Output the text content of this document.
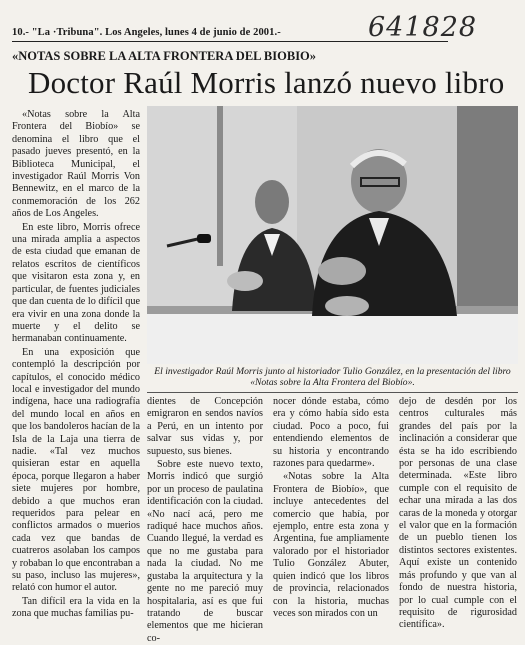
10.- "La ·Tribuna". Los Angeles, lunes 4 de junio de 2001.-	641828
«NOTAS SOBRE LA ALTA FRONTERA DEL BIOBIO»
Doctor Raúl Morris lanzó nuevo libro

«Notas sobre la Alta Frontera del Biobío» se denomina el libro que el pasado jueves presentó, en la Biblioteca Municipal, el investigador Raúl Morris Von Bennewitz, en el marco de la conmemoración de los 262 años de Los Angeles.

En este libro, Morris ofrece una mirada amplia a aspectos de esta ciudad que emanan de relatos escritos de científicos que visitaron esta zona y, en particular, de fuentes judiciales que dan cuenta de lo difícil que era vivir en una zona donde la muerte y el delito se hermanaban continuamente.

En una exposición que contempló la descripción por capítulos, el conocido médico local e investigador del mundo indígena, hace una radiografía del mundo local en años en que los bandoleros hacían de la Isla de la Laja una tierra de nadie. «Tal vez muchos quisieran estar en aquella época, porque llegaron a haber siete mujeres por hombre, debido a que muchos eran requeridos para pelear en conflictos armados o muerios cada vez que bandas de cuatreros asolaban los campos y robaban lo que encontraban a su paso, incluso las mujeres», relató con humor el autor.

Tan difícil era la vida en la zona que muchas familias pu-

El investigador Raúl Morris junto al historiador Tulio González, en la presentación del libro «Notas sobre la Alta Frontera del Biobío».

dientes de Concepción emigraron en sendos navíos a Perú, en un intento por salvar sus vidas y, por supuesto, sus bienes.

Sobre este nuevo texto, Morris indicó que surgió por un proceso de paulatina identificación con la ciudad. «No nací acá, pero me radiqué hace muchos años. Cuando llegué, la verdad es que no me gustaba para nada la ciudad. No me gustaba la arquitectura y la gente no me pareció muy hospitalaria, así es que fui tratando de buscar elementos que me hicieran co-

nocer dónde estaba, cómo era y cómo había sido esta ciudad. Poco a poco, fui entendiendo elementos de su historia y encontrando razones para quedarme».

«Notas sobre la Alta Frontera de Biobío», que incluye antecedentes del comercio que había, por ejemplo, entre esta zona y Argentina, fue ampliamente valorado por el historiador Tulio González Abuter, quien indicó que los libros de provincia, relacionados con la historia, muchas veces son mirados con un

dejo de desdén por los centros culturales más grandes del país por la inclinación a considerar que ésta se ha ido escribiendo por personas de una clase determinada. «Este libro cumple con el requisito de echar una mirada a las dos caras de la moneda y otorgar el valor que en la formación de un pueblo tienen los distintos sectores existentes. Aquí existe un contenido más profundo y que van al fondo de nuestra historia, por lo cual cumple con el requisito de rigurosidad científica».
